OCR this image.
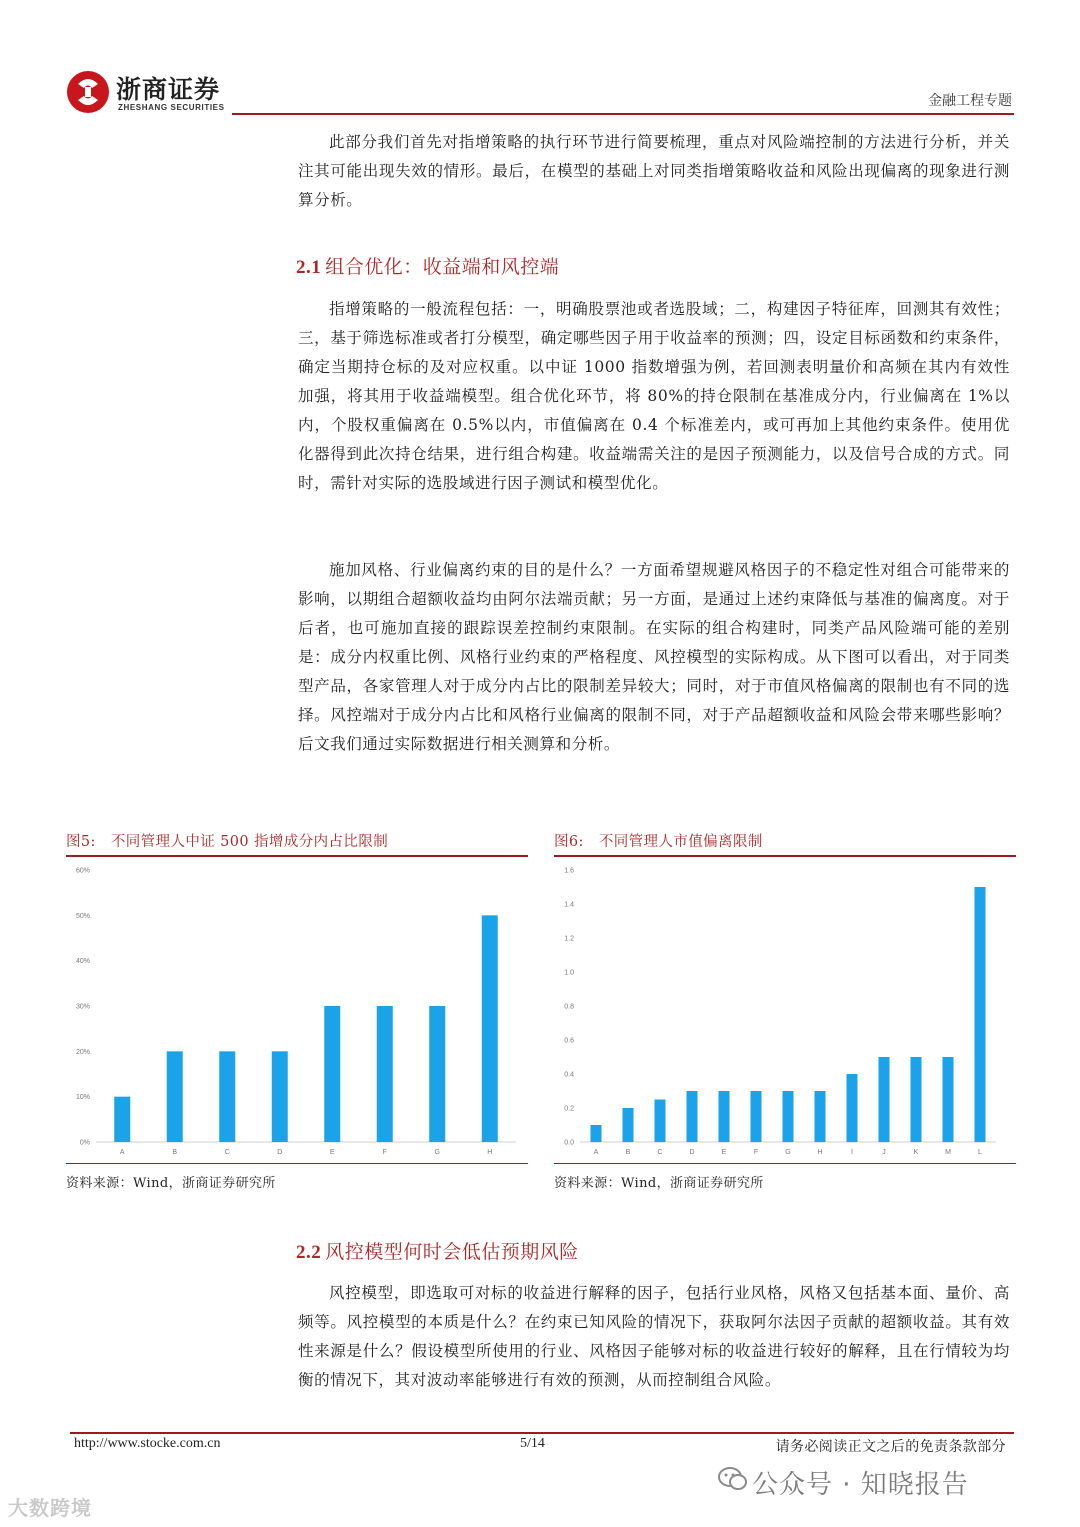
浙商证券
ZHESHANG SECURITIES	金融工程专题

此部分我们首先对指增策略的执行环节进行简要梳理，重点对风险端控制的方法进行分析，并关注其可能出现失效的情形。最后，在模型的基础上对同类指增策略收益和风险出现偏离的现象进行测算分析。

2.1 组合优化：收益端和风控端

指增策略的一般流程包括：一，明确股票池或者选股域；二，构建因子特征库，回测其有效性；三，基于筛选标准或者打分模型，确定哪些因子用于收益率的预测；四，设定目标函数和约束条件，确定当期持仓标的及对应权重。以中证 1000 指数增强为例，若回测表明量价和高频在其内有效性加强，将其用于收益端模型。组合优化环节，将 80%的持仓限制在基准成分内，行业偏离在 1%以内，个股权重偏离在 0.5%以内，市值偏离在 0.4 个标准差内，或可再加上其他约束条件。使用优化器得到此次持仓结果，进行组合构建。收益端需关注的是因子预测能力，以及信号合成的方式。同时，需针对实际的选股域进行因子测试和模型优化。

施加风格、行业偏离约束的目的是什么？一方面希望规避风格因子的不稳定性对组合可能带来的影响，以期组合超额收益均由阿尔法端贡献；另一方面，是通过上述约束降低与基准的偏离度。对于后者，也可施加直接的跟踪误差控制约束限制。在实际的组合构建时，同类产品风险端可能的差别是：成分内权重比例、风格行业约束的严格程度、风控模型的实际构成。从下图可以看出，对于同类型产品，各家管理人对于成分内占比的限制差异较大；同时，对于市值风格偏离的限制也有不同的选择。风控端对于成分内占比和风格行业偏离的限制不同，对于产品超额收益和风险会带来哪些影响？后文我们通过实际数据进行相关测算和分析。

图5: 不同管理人中证 500 指增成分内占比限制
0%
10%
20%
30%
40%
50%
60%
A	B	C	D	E	F	G	H
资料来源：Wind，浙商证券研究所
图6: 不同管理人市值偏离限制
0.0
0.2
0.4
0.6
0.8
1.0
1.2
1.4
1.6
A	B	C	D	E	F	G	H	I	J	K	M	L
资料来源：Wind，浙商证券研究所
2.2 风控模型何时会低估预期风险

风控模型，即选取可对标的收益进行解释的因子，包括行业风格，风格又包括基本面、量价、高频等。风控模型的本质是什么？在约束已知风险的情况下，获取阿尔法因子贡献的超额收益。其有效性来源是什么？假设模型所使用的行业、风格因子能够对标的收益进行较好的解释，且在行情较为均衡的情况下，其对波动率能够进行有效的预测，从而控制组合风险。

http://www.stocke.com.cn	5/14	请务必阅读正文之后的免责条款部分
公众号 · 知晓报告
大数跨境
